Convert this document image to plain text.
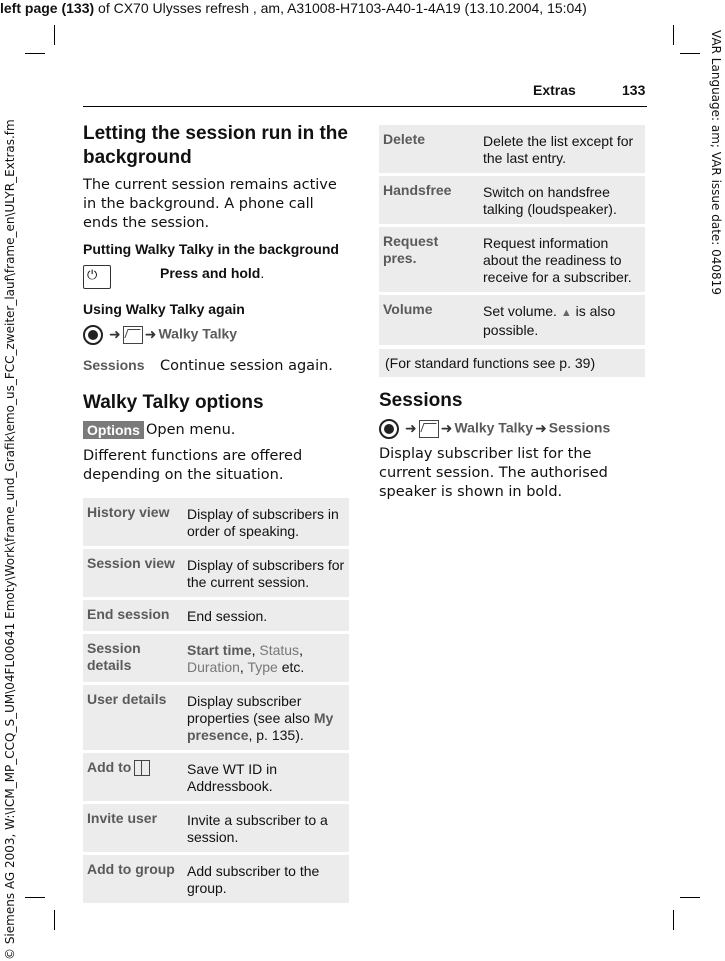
left page (133) of CX70 Ulysses refresh , am, A31008-H7103-A40-1-4A19 (13.10.2004, 15:04)
© Siemens AG 2003, W:\ICM_MP_CCQ_S_UM\04FL00641 Emoty\Work\frame_und_Grafik\emo_us_FCC_zweiter_lauf\frame_en\ULYR_Extras.fm	VAR Language: am; VAR issue date: 040819
Extras	133
Letting the session run in the background

The current session remains active in the background. A phone call ends the session.

Putting Walky Talky in the background
⏻	Press and hold.
Using Walky Talky again
➜ ➜ Walky Talky
Sessions Continue session again.
Walky Talky options
Options Open menu.

Different functions are offered depending on the situation.

History view	Display of subscribers in order of speaking.
Session view	Display of subscribers for the current session.
End session	End session.
Session details	Start time, Status, Duration, Type etc.
User details	Display subscriber properties (see also My presence, p. 135).
Add to	Save WT ID in Addressbook.
Invite user	Invite a subscriber to a session.
Add to group	Add subscriber to the group.
Delete	Delete the list except for the last entry.
Handsfree	Switch on handsfree talking (loudspeaker).
Request pres.	Request information about the readiness to receive for a subscriber.
Volume	Set volume. ▲
is also possible.
(For standard functions see p. 39)
Sessions
➜ ➜ Walky Talky ➜ Sessions

Display subscriber list for the current session. The authorised speaker is shown in bold.
